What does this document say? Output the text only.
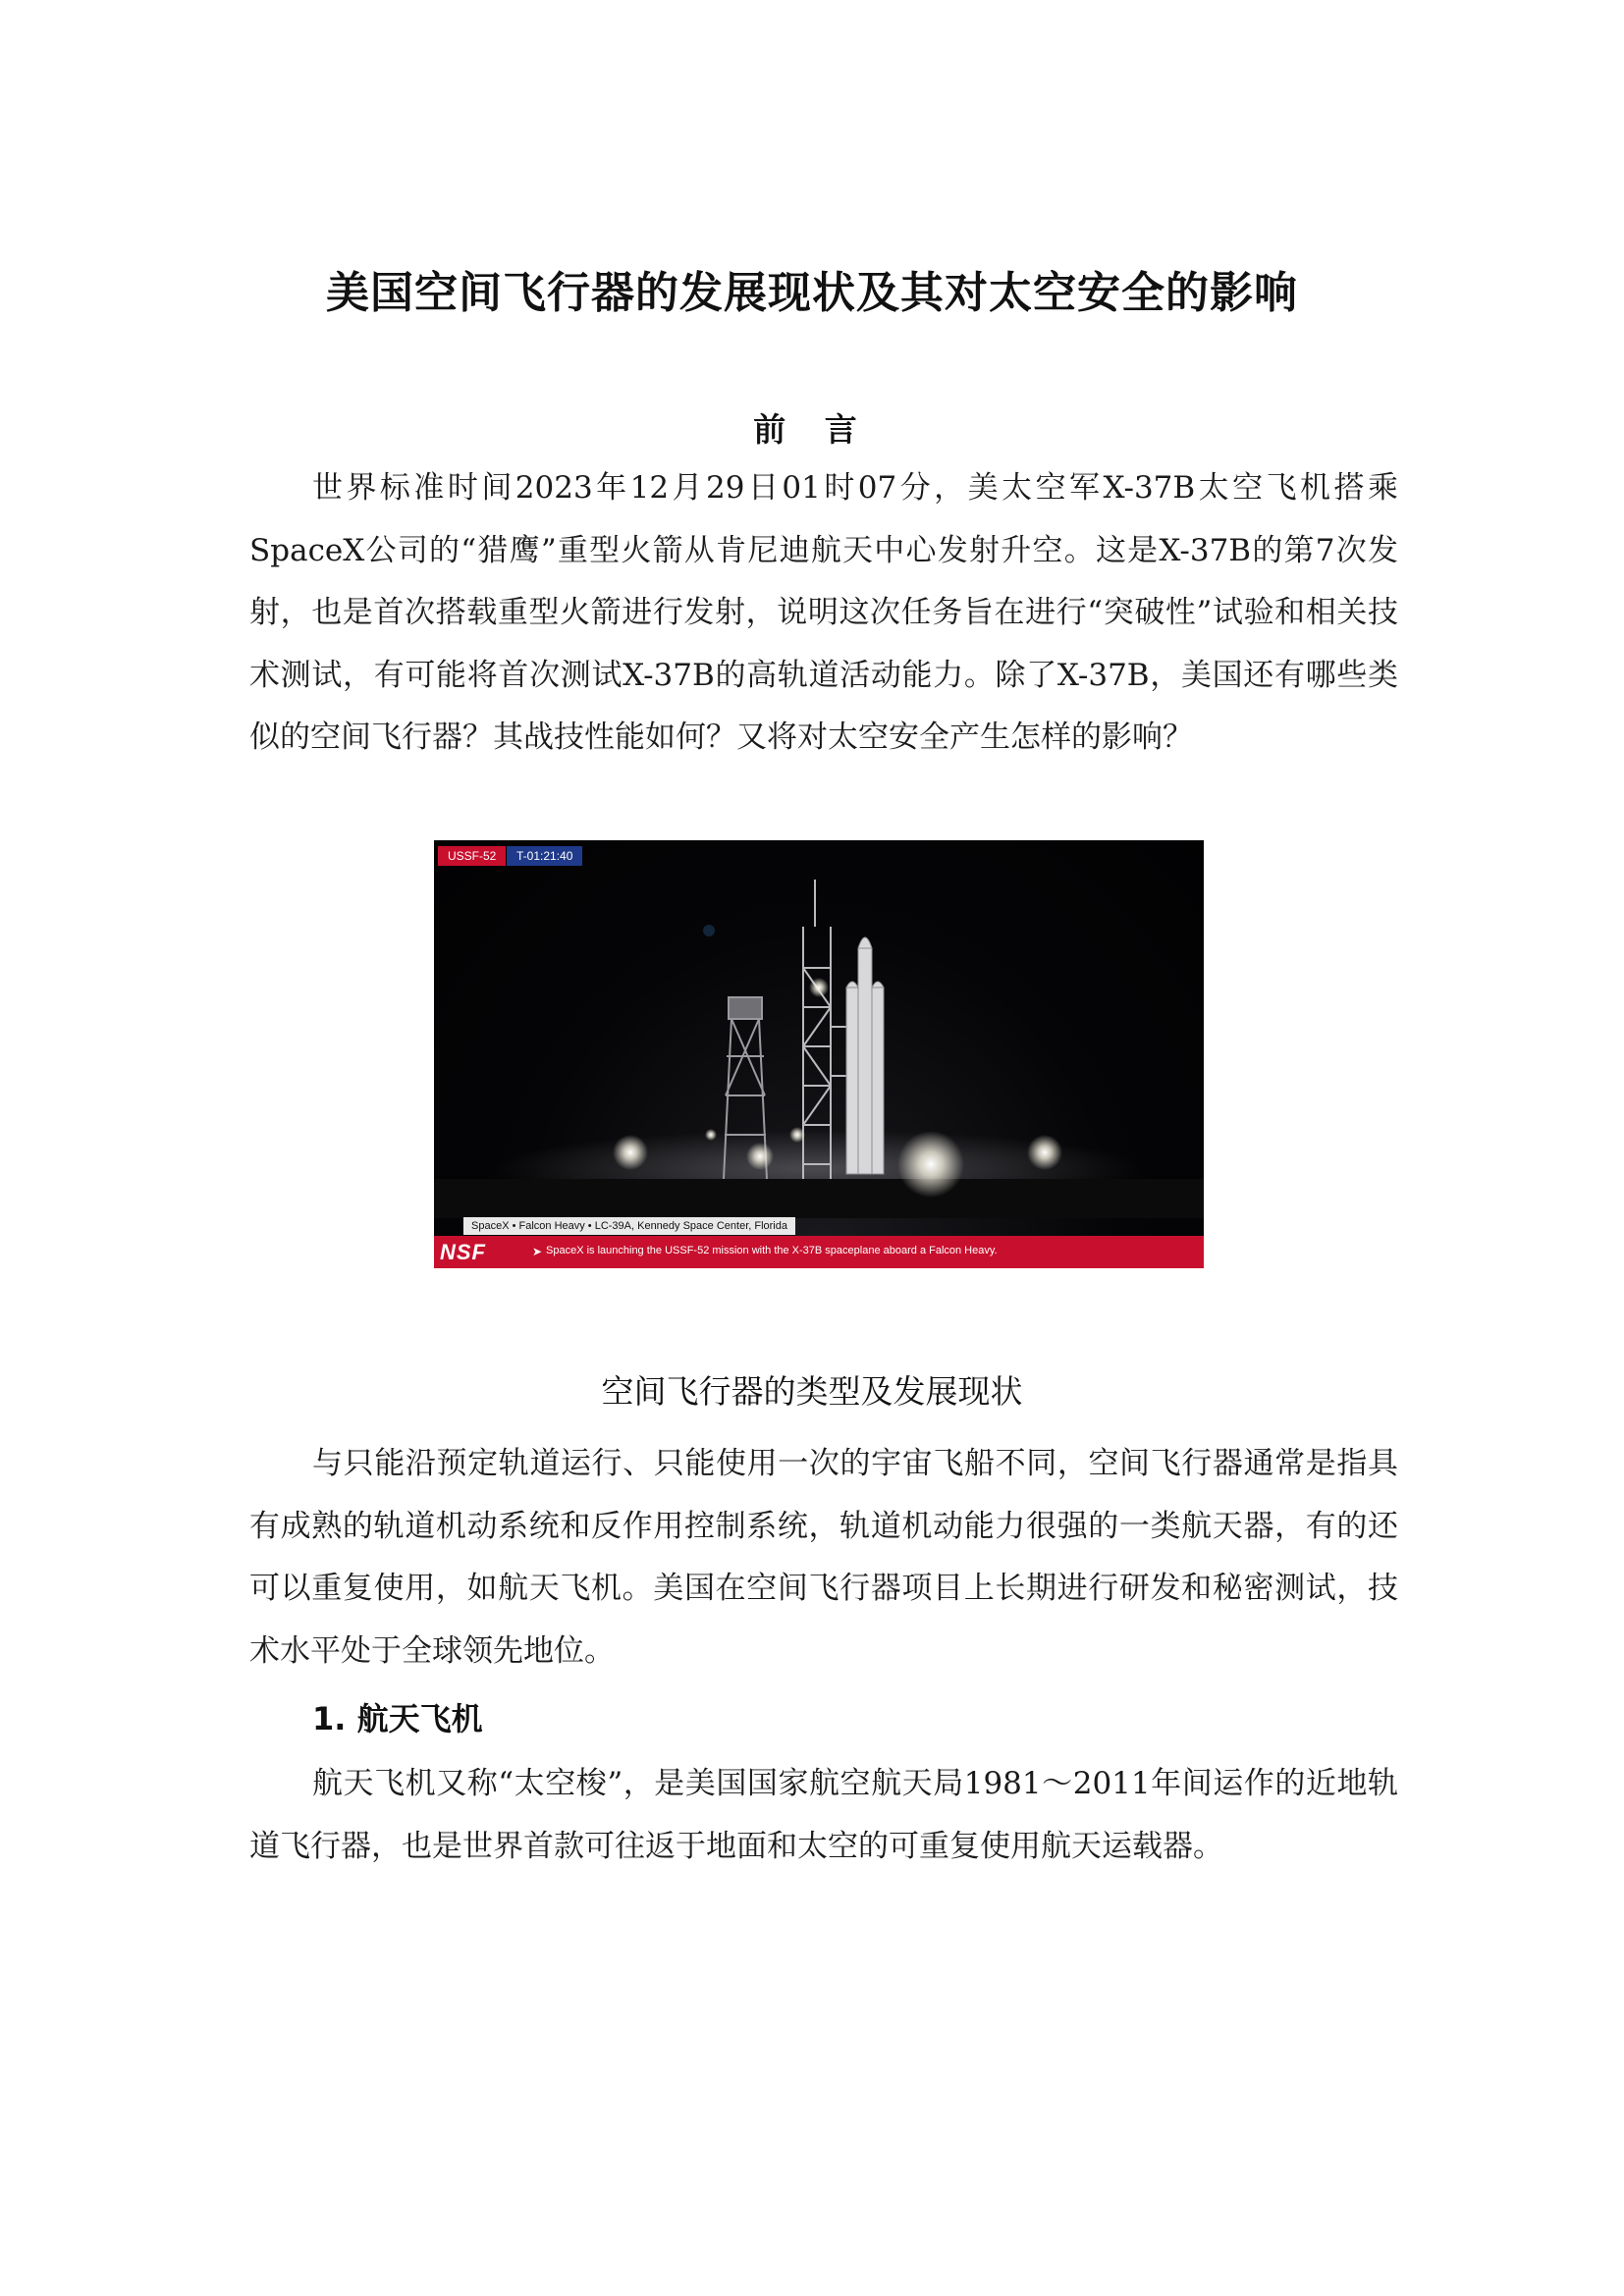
美国空间飞行器的发展现状及其对太空安全的影响
前 言

世界标准时间2023年12月29日01时07分，美太空军X-37B太空飞机搭乘SpaceX公司的“猎鹰”重型火箭从肯尼迪航天中心发射升空。这是X-37B的第7次发射，也是首次搭载重型火箭进行发射，说明这次任务旨在进行“突破性”试验和相关技术测试，有可能将首次测试X-37B的高轨道活动能力。除了X-37B，美国还有哪些类似的空间飞行器？其战技性能如何？又将对太空安全产生怎样的影响？

USSF-52	T-01:21:40
SpaceX • Falcon Heavy • LC-39A, Kennedy Space Center, Florida
NSF	➤ SpaceX is launching the USSF-52 mission with the X-37B spaceplane aboard a Falcon Heavy.
空间飞行器的类型及发展现状

与只能沿预定轨道运行、只能使用一次的宇宙飞船不同，空间飞行器通常是指具有成熟的轨道机动系统和反作用控制系统，轨道机动能力很强的一类航天器，有的还可以重复使用，如航天飞机。美国在空间飞行器项目上长期进行研发和秘密测试，技术水平处于全球领先地位。

1. 航天飞机

航天飞机又称“太空梭”，是美国国家航空航天局1981～2011年间运作的近地轨道飞行器，也是世界首款可往返于地面和太空的可重复使用航天运载器。
